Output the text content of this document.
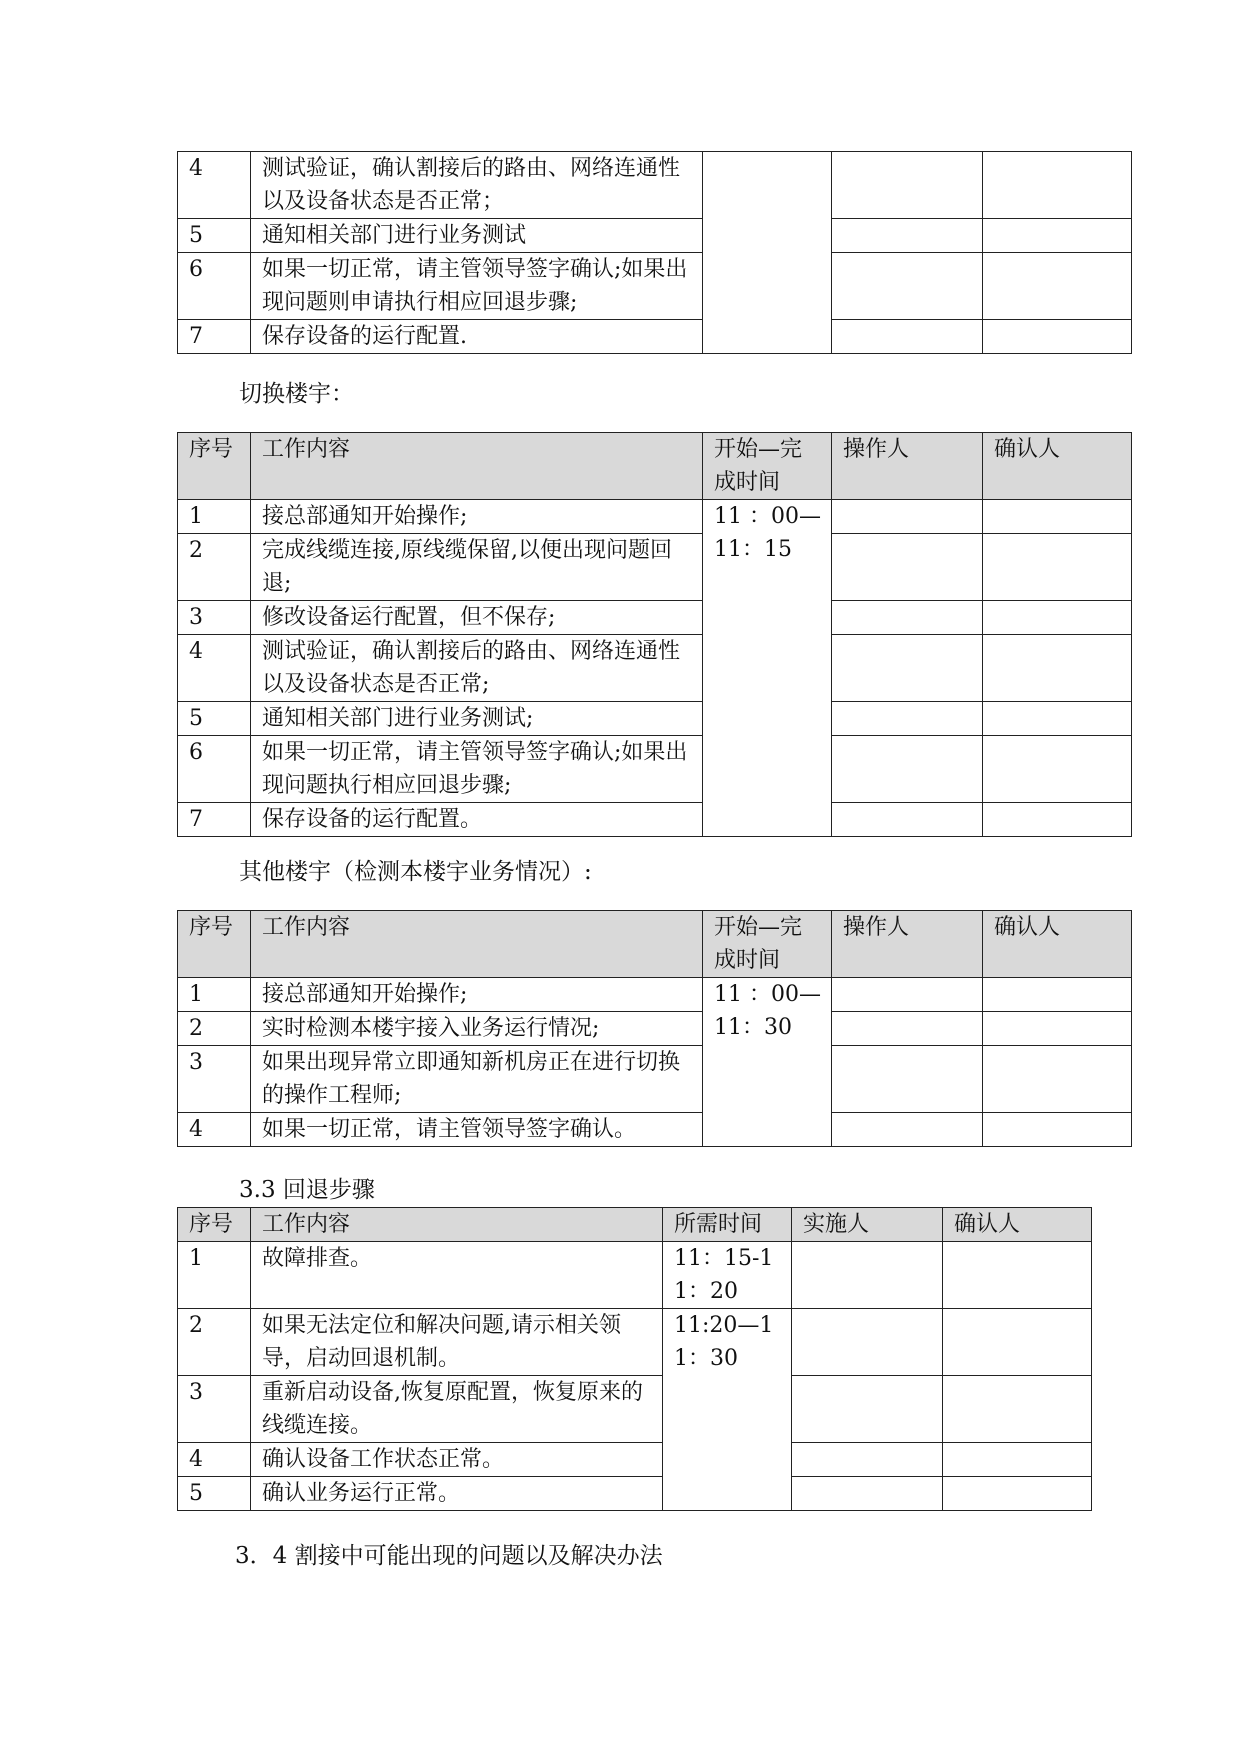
4	测试验证，确认割接后的路由、网络连通性以及设备状态是否正常；			
5	通知相关部门进行业务测试			
6	如果一切正常，请主管领导签字确认;如果出现问题则申请执行相应回退步骤;			
7	保存设备的运行配置.			
切换楼宇：
序号	工作内容	开始—完成时间	操作人	确认人
1	接总部通知开始操作;	11 ：00—11：15		
2	完成线缆连接,原线缆保留,以便出现问题回退;			
3	修改设备运行配置，但不保存;			
4	测试验证，确认割接后的路由、网络连通性以及设备状态是否正常;			
5	通知相关部门进行业务测试;			
6	如果一切正常，请主管领导签字确认;如果出现问题执行相应回退步骤;			
7	保存设备的运行配置。			
其他楼宇（检测本楼宇业务情况）:
序号	工作内容	开始—完成时间	操作人	确认人
1	接总部通知开始操作;	11 ：00—11：30		
2	实时检测本楼宇接入业务运行情况;			
3	如果出现异常立即通知新机房正在进行切换的操作工程师;			
4	如果一切正常，请主管领导签字确认。			
3.3 回退步骤
序号	工作内容	所需时间	实施人	确认人
1	故障排查。	11：15-11：20		
2	如果无法定位和解决问题,请示相关领导，启动回退机制。	11:20—11：30		
3	重新启动设备,恢复原配置，恢复原来的线缆连接。			
4	确认设备工作状态正常。			
5	确认业务运行正常。			
3．4 割接中可能出现的问题以及解决办法
